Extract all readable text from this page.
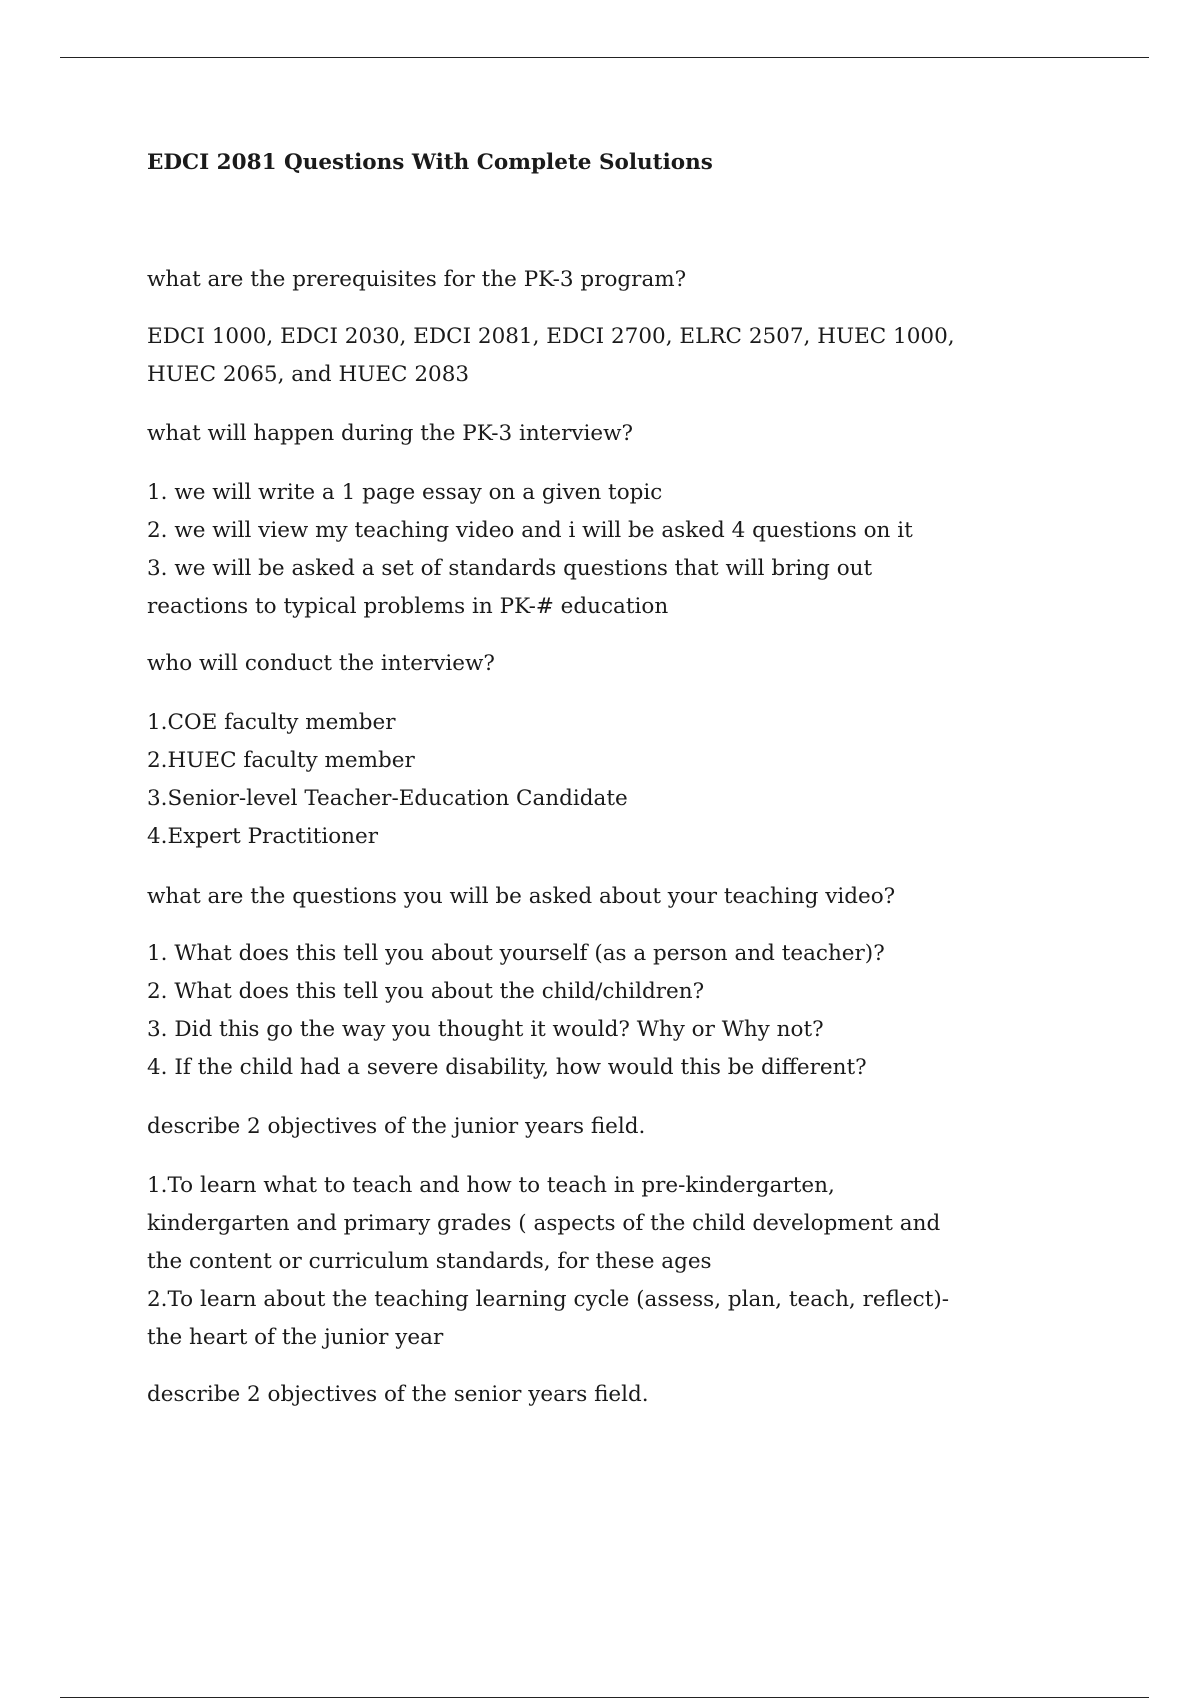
EDCI 2081 Questions With Complete Solutions
what are the prerequisites for the PK-3 program?
EDCI 1000, EDCI 2030, EDCI 2081, EDCI 2700, ELRC 2507, HUEC 1000,
HUEC 2065, and HUEC 2083
what will happen during the PK-3 interview?
1. we will write a 1 page essay on a given topic
2. we will view my teaching video and i will be asked 4 questions on it
3. we will be asked a set of standards questions that will bring out
reactions to typical problems in PK-# education
who will conduct the interview?
1.COE faculty member
2.HUEC faculty member
3.Senior-level Teacher-Education Candidate
4.Expert Practitioner
what are the questions you will be asked about your teaching video?
1. What does this tell you about yourself (as a person and teacher)?
2. What does this tell you about the child/children?
3. Did this go the way you thought it would? Why or Why not?
4. If the child had a severe disability, how would this be different?
describe 2 objectives of the junior years field.
1.To learn what to teach and how to teach in pre-kindergarten,
kindergarten and primary grades ( aspects of the child development and
the content or curriculum standards, for these ages
2.To learn about the teaching learning cycle (assess, plan, teach, reflect)-
the heart of the junior year
describe 2 objectives of the senior years field.
